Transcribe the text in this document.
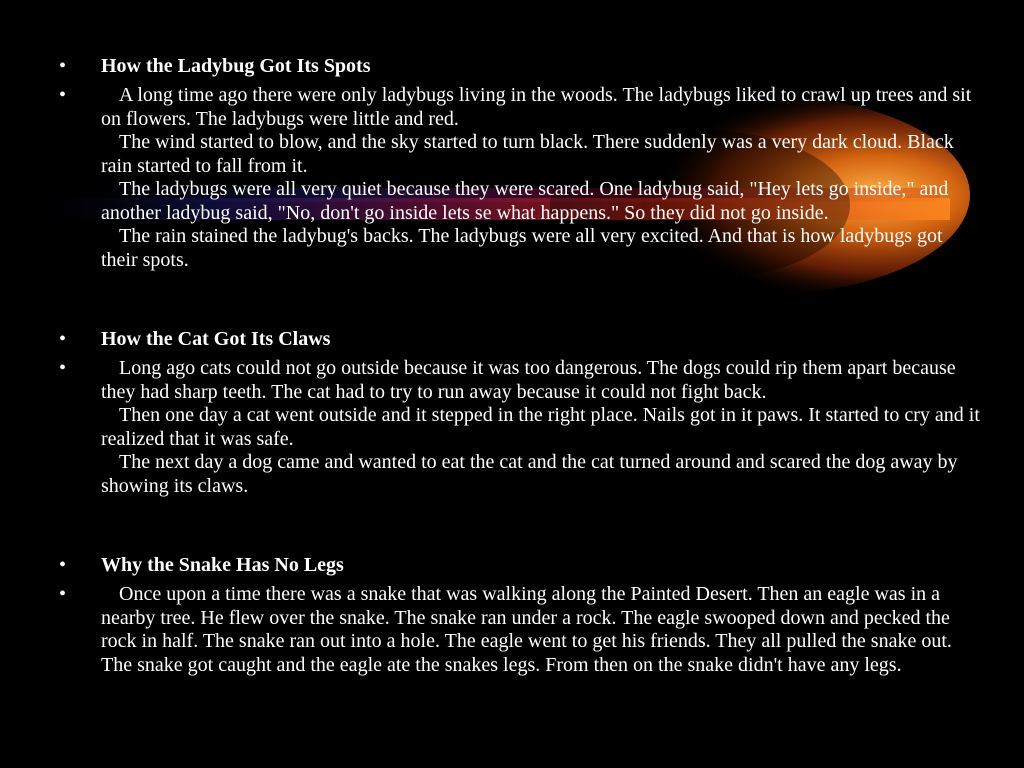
•	How the Ladybug Got Its Spots
•	A long time ago there were only ladybugs living in the woods. The ladybugs liked to crawl up trees and sit on flowers. The ladybugs were little and red.

The wind started to blow, and the sky started to turn black. There suddenly was a very dark cloud. Black rain started to fall from it.

The ladybugs were all very quiet because they were scared. One ladybug said, "Hey lets go inside," and another ladybug said, "No, don't go inside lets se what happens." So they did not go inside.

The rain stained the ladybug's backs. The ladybugs were all very excited. And that is how ladybugs got their spots.

•	How the Cat Got Its Claws
•	Long ago cats could not go outside because it was too dangerous. The dogs could rip them apart because they had sharp teeth. The cat had to try to run away because it could not fight back.

Then one day a cat went outside and it stepped in the right place. Nails got in it paws. It started to cry and it realized that it was safe.

The next day a dog came and wanted to eat the cat and the cat turned around and scared the dog away by showing its claws.

•	Why the Snake Has No Legs
•	Once upon a time there was a snake that was walking along the Painted Desert. Then an eagle was in a nearby tree. He flew over the snake. The snake ran under a rock. The eagle swooped down and pecked the rock in half. The snake ran out into a hole. The eagle went to get his friends. They all pulled the snake out. The snake got caught and the eagle ate the snakes legs. From then on the snake didn't have any legs.
